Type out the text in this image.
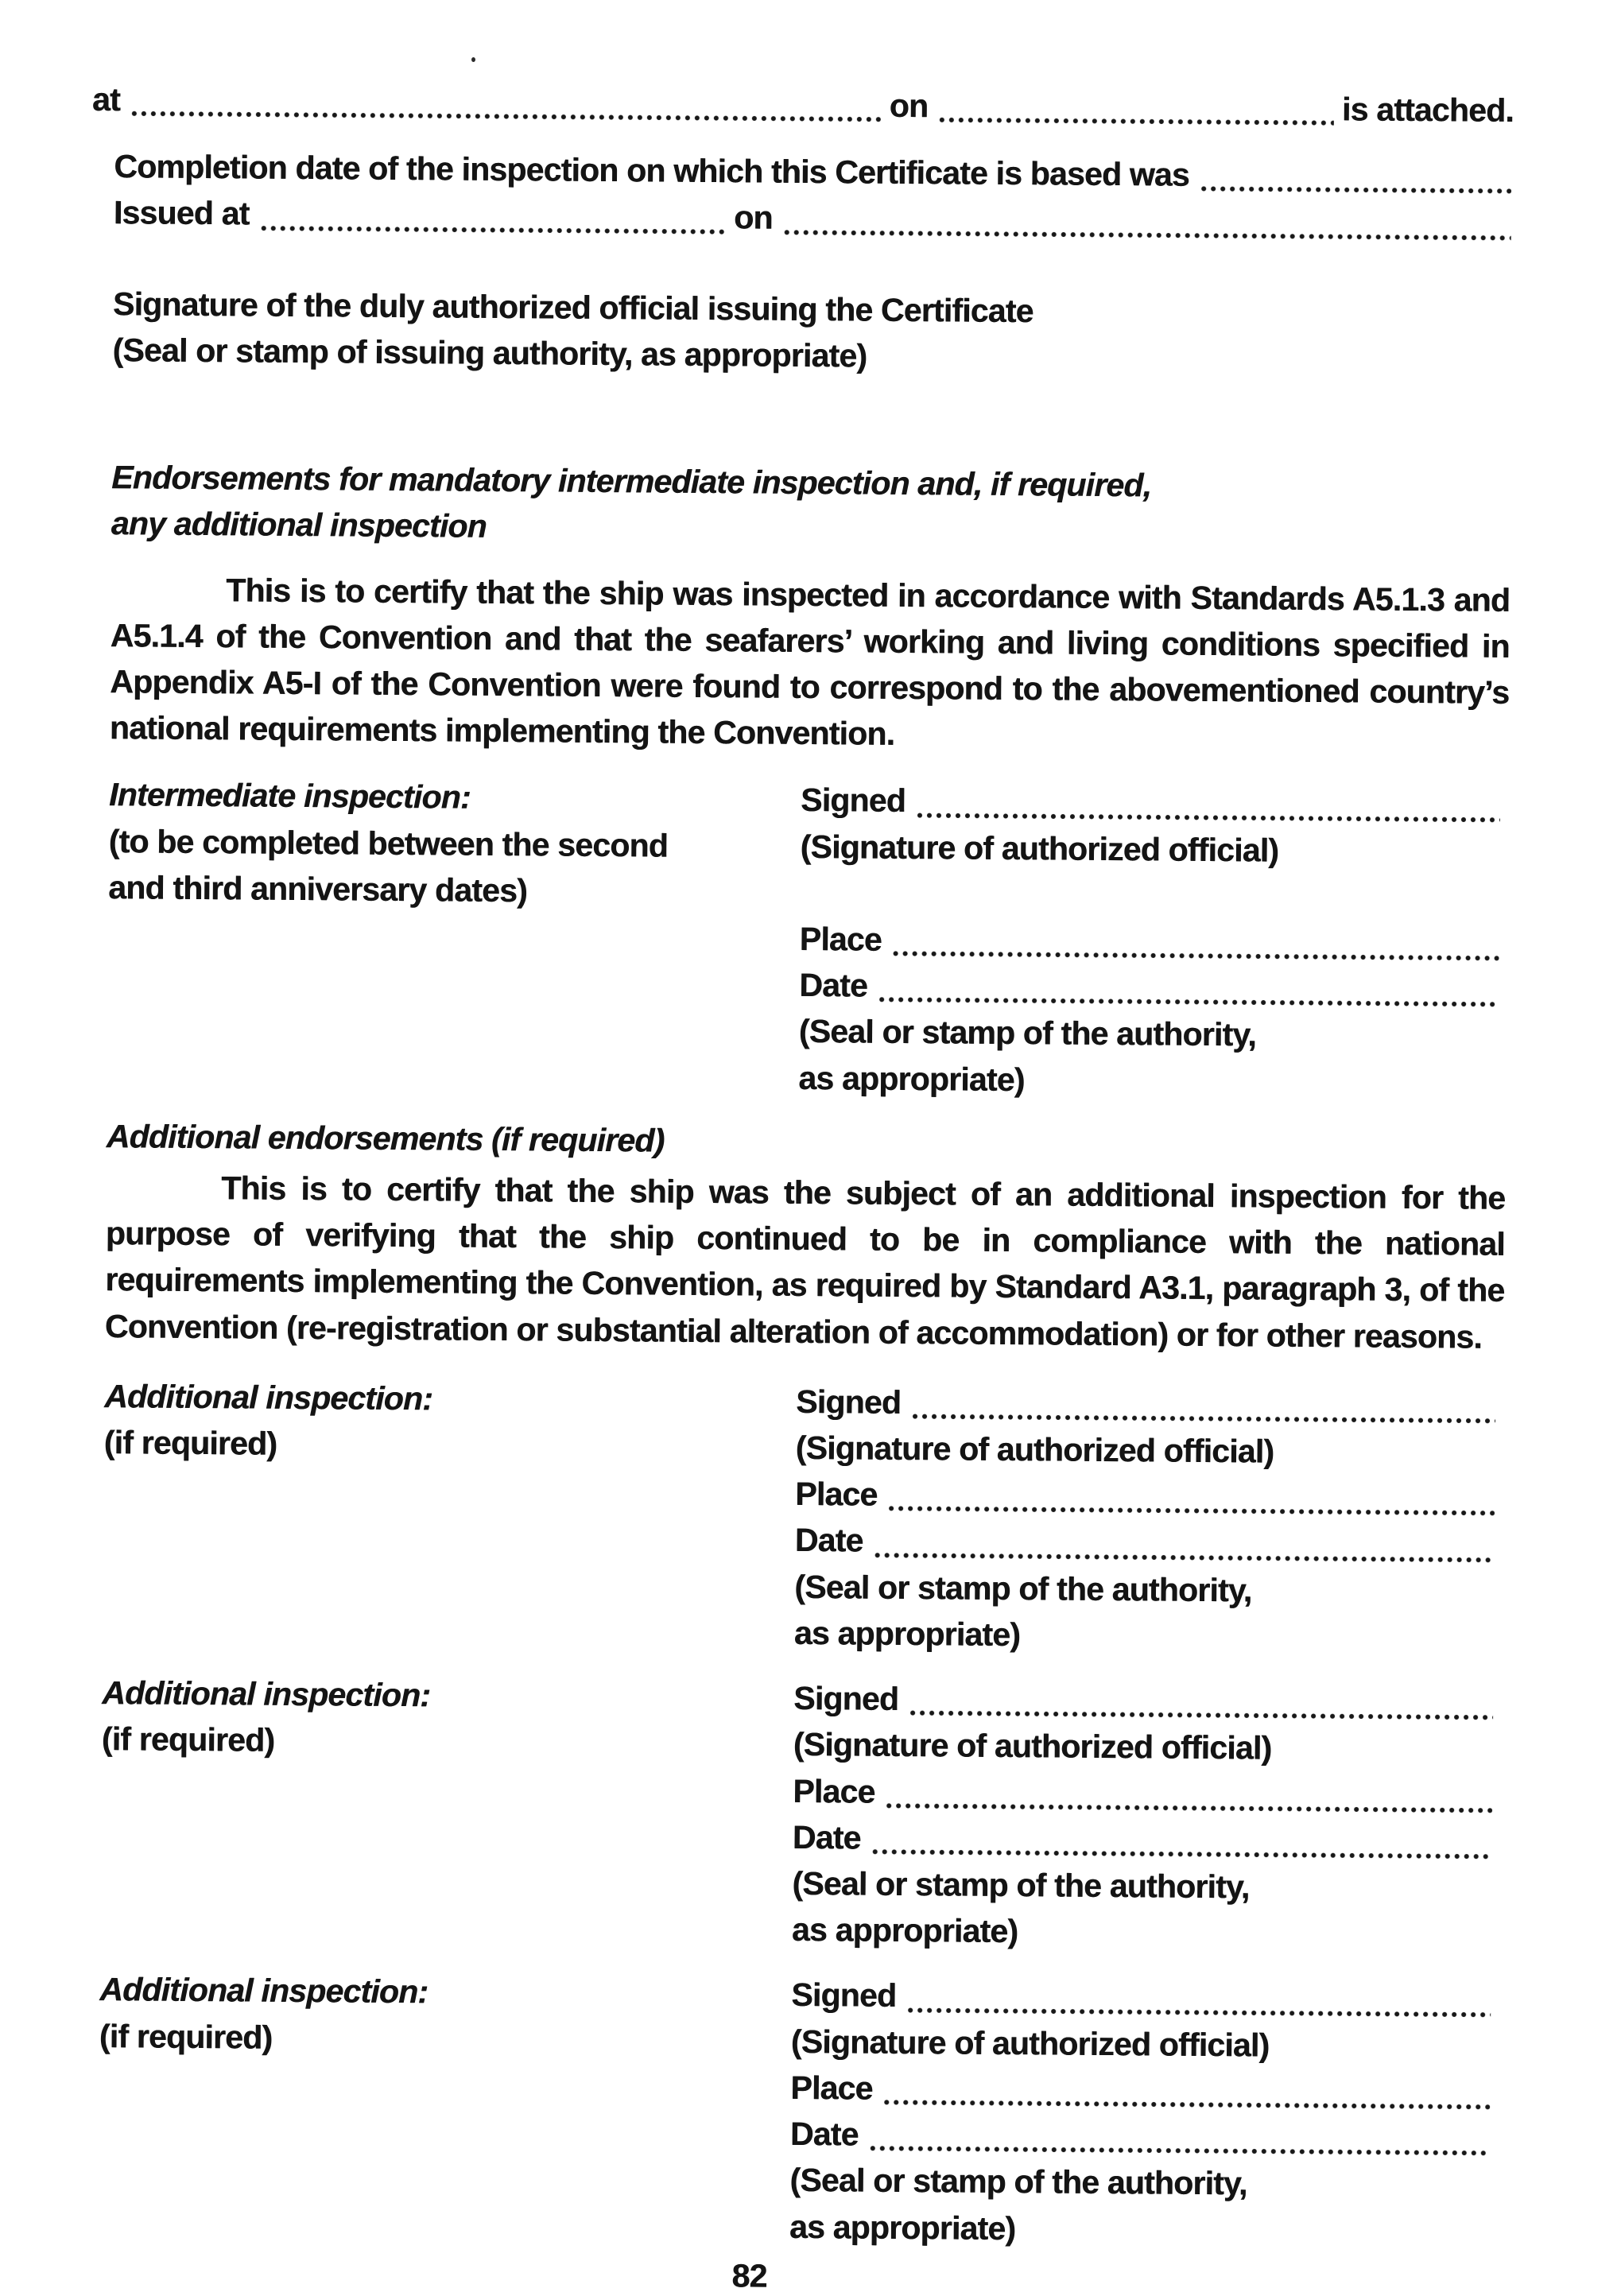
at	on	is attached.
Completion date of the inspection on which this Certificate is based was
Issued at	on

Signature of the duly authorized official issuing the Certificate

(Seal or stamp of issuing authority, as appropriate)

Endorsements for mandatory intermediate inspection and, if required,
any additional inspection

This is to certify that the ship was inspected in accordance with Standards A5.1.3 and A5.1.4 of the Convention and that the seafarers’ working and living conditions specified in Appendix A5-I of the Convention were found to correspond to the abovementioned country’s national requirements implementing the Convention.

Intermediate inspection:
(to be completed between the second
and third anniversary dates)
Signed
(Signature of authorized official)
Place
Date
(Seal or stamp of the authority,
as appropriate)
Additional endorsements (if required)

This is to certify that the ship was the subject of an additional inspection for the purpose of verifying that the ship continued to be in compliance with the national requirements implementing the Convention, as required by Standard A3.1, paragraph 3, of the Convention (re-registration or substantial alteration of accommodation) or for other reasons.

Additional inspection:
(if required)
Signed
(Signature of authorized official)
Place
Date
(Seal or stamp of the authority,
as appropriate)
Additional inspection:
(if required)
Signed
(Signature of authorized official)
Place
Date
(Seal or stamp of the authority,
as appropriate)
Additional inspection:
(if required)
Signed
(Signature of authorized official)
Place
Date
(Seal or stamp of the authority,
as appropriate)
82
